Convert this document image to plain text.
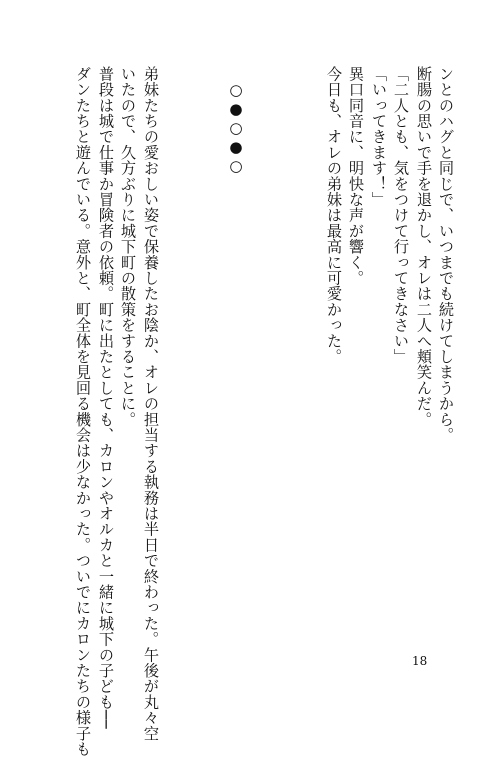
ンとのハグと同じで、いつまでも続けてしまうから。
断腸の思いで手を退かし、オレは二人へ頬笑んだ。
「二人とも、気をつけて行ってきなさい」
「いってきます！」
異口同音に、明快な声が響く。
今日も、オレの弟妹は最高に可愛かった。
○●○●○
弟妹たちの愛おしい姿で保養したお陰か、オレの担当する執務は半日で終わった。午後が丸々空
いたので、久方ぶりに城下町の散策をすることに。
普段は城で仕事か冒険者の依頼。町に出たとしても、カロンやオルカと一緒に城下の子ども──
ダンたちと遊んでいる。意外と、町全体を見回る機会は少なかった。ついでにカロンたちの様子も	18
